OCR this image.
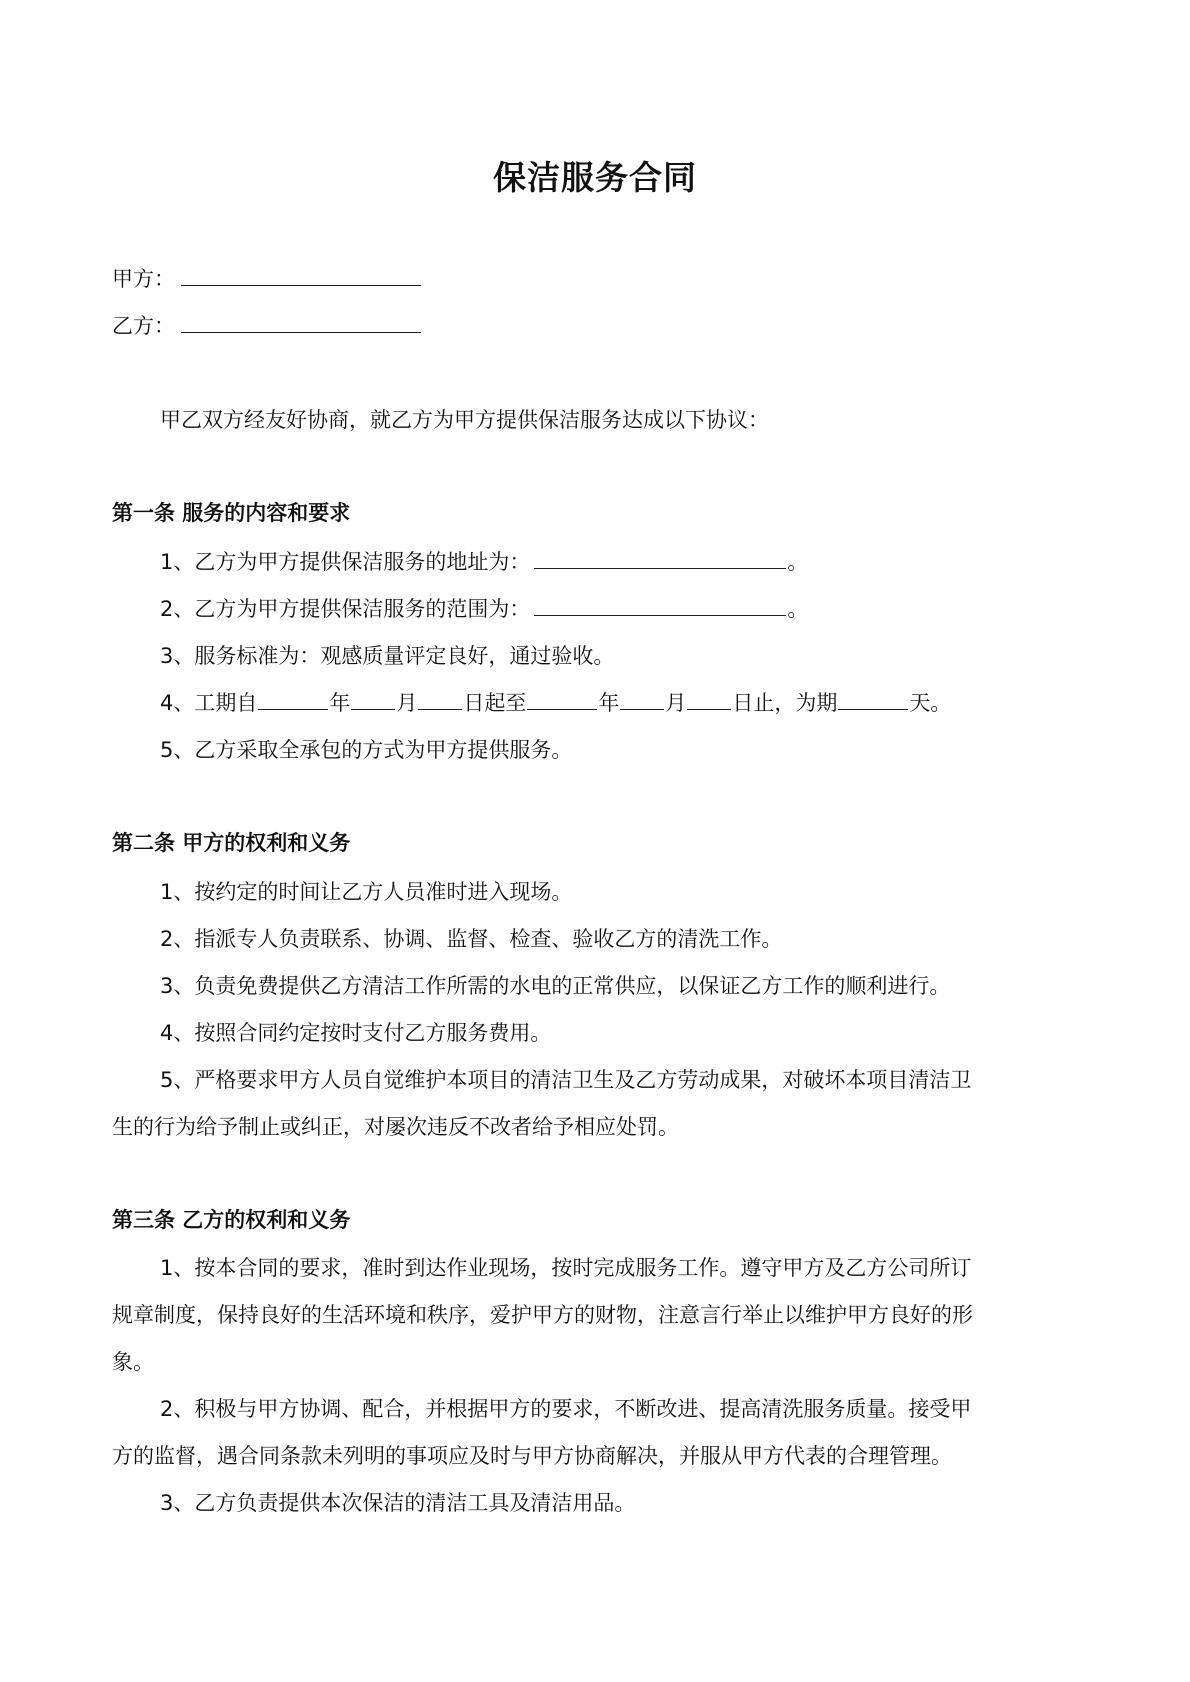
保洁服务合同
甲方：
乙方：
甲乙双方经友好协商，就乙方为甲方提供保洁服务达成以下协议：
第一条 服务的内容和要求
1、乙方为甲方提供保洁服务的地址为：	。
2、乙方为甲方提供保洁服务的范围为：	。
3、服务标准为：观感质量评定良好，通过验收。
4、工期自	年 月 日起至	年 月 日止，为期	天。
5、乙方采取全承包的方式为甲方提供服务。
第二条 甲方的权利和义务
1、按约定的时间让乙方人员准时进入现场。
2、指派专人负责联系、协调、监督、检查、验收乙方的清洗工作。
3、负责免费提供乙方清洁工作所需的水电的正常供应，以保证乙方工作的顺利进行。
4、按照合同约定按时支付乙方服务费用。
5、严格要求甲方人员自觉维护本项目的清洁卫生及乙方劳动成果，对破坏本项目清洁卫
生的行为给予制止或纠正，对屡次违反不改者给予相应处罚。
第三条 乙方的权利和义务
1、按本合同的要求，准时到达作业现场，按时完成服务工作。遵守甲方及乙方公司所订
规章制度，保持良好的生活环境和秩序，爱护甲方的财物，注意言行举止以维护甲方良好的形
象。
2、积极与甲方协调、配合，并根据甲方的要求，不断改进、提高清洗服务质量。接受甲
方的监督，遇合同条款未列明的事项应及时与甲方协商解决，并服从甲方代表的合理管理。
3、乙方负责提供本次保洁的清洁工具及清洁用品。
